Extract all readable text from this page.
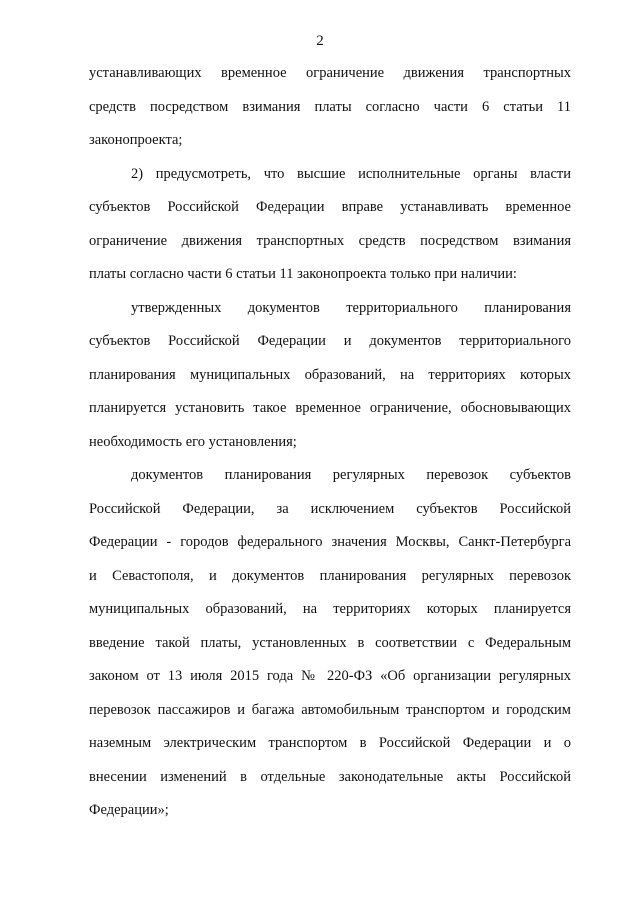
2
устанавливающих временное ограничение движения транспортных
средств посредством взимания платы согласно части 6 статьи 11
законопроекта;
2) предусмотреть, что высшие исполнительные органы власти
субъектов Российской Федерации вправе устанавливать временное
ограничение движения транспортных средств посредством взимания
платы согласно части 6 статьи 11 законопроекта только при наличии:
утвержденных документов территориального планирования
субъектов Российской Федерации и документов территориального
планирования муниципальных образований, на территориях которых
планируется установить такое временное ограничение, обосновывающих
необходимость его установления;
документов планирования регулярных перевозок субъектов
Российской Федерации, за исключением субъектов Российской
Федерации - городов федерального значения Москвы, Санкт-Петербурга
и Севастополя, и документов планирования регулярных перевозок
муниципальных образований, на территориях которых планируется
введение такой платы, установленных в соответствии с Федеральным
законом от 13 июля 2015 года № 220-ФЗ «Об организации регулярных
перевозок пассажиров и багажа автомобильным транспортом и городским
наземным электрическим транспортом в Российской Федерации и о
внесении изменений в отдельные законодательные акты Российской
Федерации»;
